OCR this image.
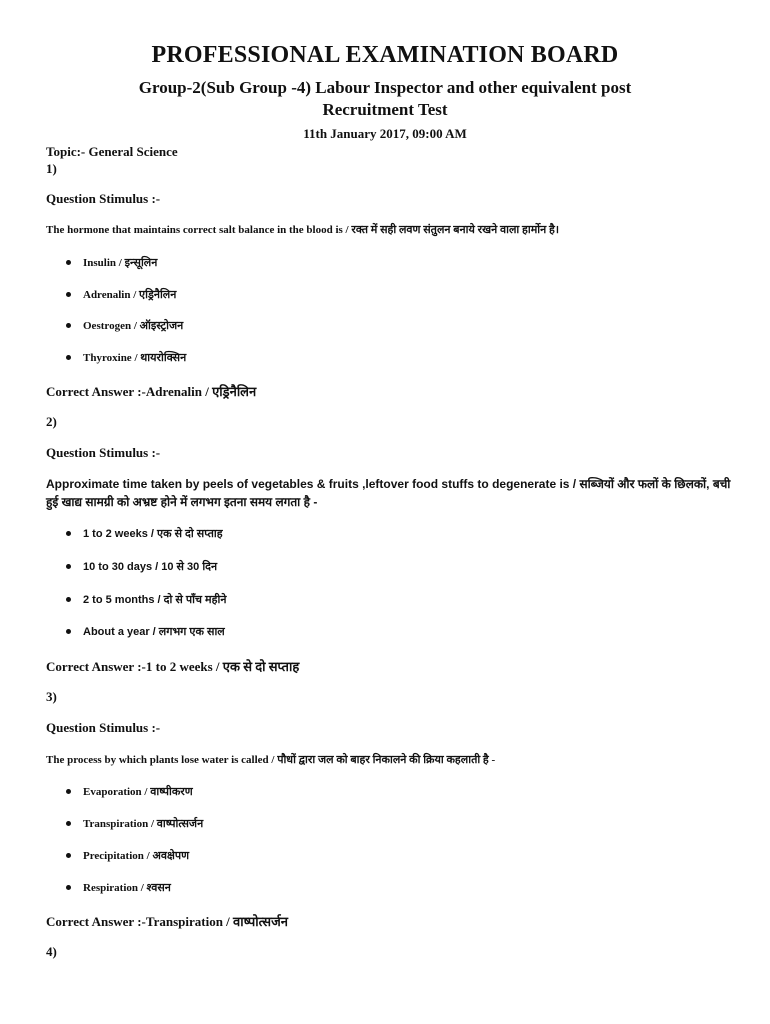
PROFESSIONAL EXAMINATION BOARD
Group-2(Sub Group -4) Labour Inspector and other equivalent post
Recruitment Test
11th January 2017, 09:00 AM
Topic:- General Science
1)
Question Stimulus :-
The hormone that maintains correct salt balance in the blood is / रक्त में सही लवण संतुलन बनाये रखने वाला हार्मोन है।
Insulin / इन्सूलिन
Adrenalin / एड्रिनैलिन
Oestrogen / ऑइस्ट्रोजन
Thyroxine / थायरोक्सिन
Correct Answer :-Adrenalin / एड्रिनैलिन
2)
Question Stimulus :-
Approximate time taken by peels of vegetables & fruits ,leftover food stuffs to degenerate is / सब्जियों और फलों के छिलकों, बची हुई खाद्य सामग्री को अभ्रष्ट होने में लगभग इतना समय लगता है -
1 to 2 weeks / एक से दो सप्ताह
10 to 30 days / 10 से 30 दिन
2 to 5 months / दो से पाँच महीने
About a year / लगभग एक साल
Correct Answer :-1 to 2 weeks / एक से दो सप्ताह
3)
Question Stimulus :-
The process by which plants lose water is called / पौधों द्वारा जल को बाहर निकालने की क्रिया कहलाती है -
Evaporation / वाष्पीकरण
Transpiration / वाष्पोत्सर्जन
Precipitation / अवक्षेपण
Respiration / श्वसन
Correct Answer :-Transpiration / वाष्पोत्सर्जन
4)
